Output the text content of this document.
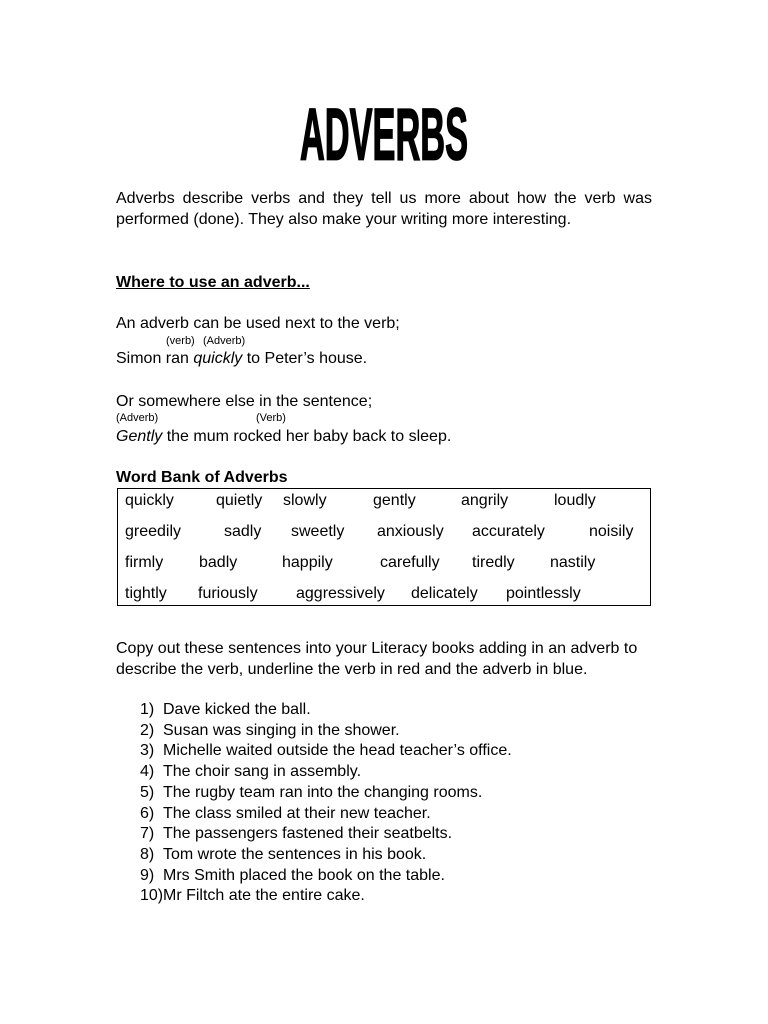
ADVERBS
Adverbs describe verbs and they tell us more about how the verb was performed (done). They also make your writing more interesting.
Where to use an adverb...
An adverb can be used next to the verb;
(verb) (Adverb)
Simon ran quickly to Peter’s house.
Or somewhere else in the sentence;
(Adverb)	(Verb)
Gently the mum rocked her baby back to sleep.
Word Bank of Adverbs
quickly	quietly slowly	gently	angrily	loudly
greedily	sadly sweetly anxiously accurately	noisily
firmly badly	happily	carefully tiredly nastily
tightly furiously aggressively delicately pointlessly
Copy out these sentences into your Literacy books adding in an adverb to describe the verb, underline the verb in red and the adverb in blue.
1) Dave kicked the ball.
2) Susan was singing in the shower.
3) Michelle waited outside the head teacher’s office.
4) The choir sang in assembly.
5) The rugby team ran into the changing rooms.
6) The class smiled at their new teacher.
7) The passengers fastened their seatbelts.
8) Tom wrote the sentences in his book.
9) Mrs Smith placed the book on the table.
10)Mr Filtch ate the entire cake.
